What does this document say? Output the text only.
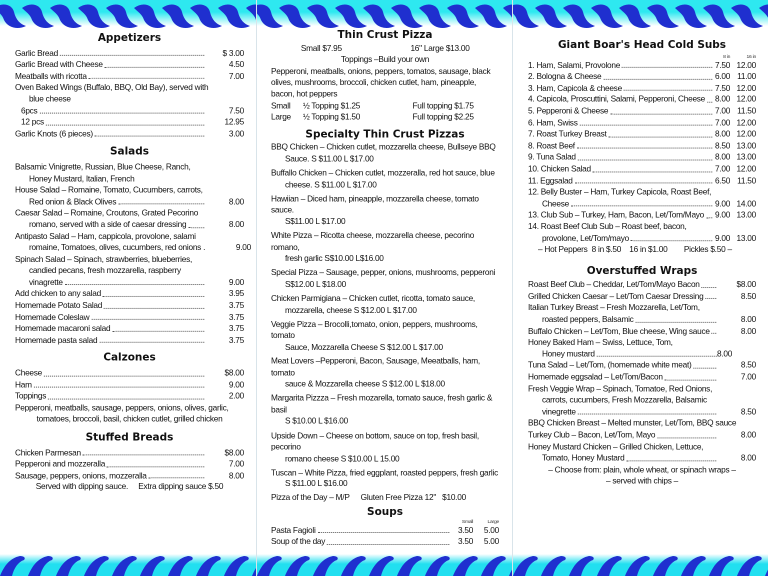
Appetizers
Garlic Bread	$ 3.00
Garlic Bread with Cheese	4.50
Meatballs with ricotta	7.00
Oven Baked Wings (Buffalo, BBQ, Old Bay), served with
blue cheese
6pcs	7.50
12 pcs	12.95
Garlic Knots (6 pieces)	3.00
Salads
Balsamic Vinigrette, Russian, Blue Cheese, Ranch,
Honey Mustard, Italian, French
House Salad – Romaine, Tomato, Cucumbers, carrots,
Red onion & Black Olives	8.00
Caesar Salad – Romaine, Croutons, Grated Pecorino
romano, served with a side of caesar dressing	8.00
Antipasto Salad – Ham, cappicola, provolone, salami
romaine, Tomatoes, olives, cucumbers, red onions .	9.00
Spinach Salad – Spinach, strawberries, blueberries,
candied pecans, fresh mozzarella, raspberry
vinagrette	9.00
Add chicken to any salad	3.95
Homemade Potato Salad	3.75
Homemade Coleslaw	3.75
Homemade macaroni salad	3.75
Homemade pasta salad	3.75
Calzones
Cheese	$8.00
Ham	9.00
Toppings	2.00
Pepperoni, meatballs, sausage, peppers, onions, olives, garlic,
tomatoes, broccoli, basil, chicken cutlet, grilled chicken
Stuffed Breads
Chicken Parmesan	$8.00
Pepperoni and mozzeralla	7.00
Sausage, peppers, onions, mozzeralla	8.00
Served with dipping sauce.     Extra dipping sauce $.50
Thin Crust Pizza
Small $7.95	16" Large $13.00
Toppings –Build your own
Pepperoni, meatballs, onions, peppers, tomatos, sausage, black olives, mushrooms, broccoli, chicken cutlet, ham, pineapple, bacon, hot peppers
Small	½ Topping $1.25	Full topping $1.75
Large	½ Topping $1.50	Full topping $2.25
Specialty Thin Crust Pizzas
BBQ Chicken – Chicken cutlet, mozzarella cheese, Bullseye BBQ
Sauce. S $11.00 L $17.00
Buffallo Chicken – Chicken cutlet, mozzeralla, red hot sauce, blue
cheese. S $11.00 L $17.00
Hawiian – Diced ham, pineapple, mozzarella cheese, tomato sauce.
S$11.00 L $17.00
White Pizza – Ricotta cheese, mozzarella cheese, pecorino romano,
fresh garlic S$10.00 L$16.00
Special Pizza – Sausage, pepper, onions, mushrooms, pepperoni
S$12.00 L $18.00
Chicken Parmigiana – Chicken cutlet, ricotta, tomato sauce,
mozzarella, cheese S $12.00 L $17.00
Veggie Pizza – Brocolli,tomato, onion, peppers, mushrooms, tomato
Sauce, Mozzarella Cheese S $12.00 L $17.00
Meat Lovers –Pepperoni, Bacon, Sausage, Meeatballs, ham, tomato
sauce & Mozzarella cheese S $12.00 L $18.00
Margarita Pizzza – Fresh mozarella, tomato sauce, fresh garlic & basil
S $10.00 L $16.00
Upside Down – Cheese on bottom, sauce on top, fresh basil, pecorino
romano cheese S $10.00 L 15.00
Tuscan – White Pizza, fried eggplant, roasted peppers, fresh garlic
S $11.00 L $16.00
Pizza of the Day – M/P	Gluten Free Pizza 12"   $10.00
Soups
Small	Large
Pasta Fagioli	3.50	5.00
Soup of the day	3.50	5.00
Giant Boar's Head Cold Subs
8 in	16 in
1. Ham, Salami, Provolone	7.50 12.00
2. Bologna & Cheese	6.00 11.00
3. Ham, Capicola & cheese	7.50 12.00
4. Capicola, Proscuttini, Salami, Pepperoni, Cheese 8.00 12.00
5. Pepperoni & Cheese	7.00 11.50
6. Ham, Swiss	7.00 12.00
7. Roast Turkey Breast	8.00 12.00
8. Roast Beef	8.50 13.00
9. Tuna Salad	8.00 13.00
10. Chicken Salad	7.00 12.00
11. Eggsalad	6.50 11.50
12. Belly Buster – Ham, Turkey Capicola, Roast Beef,
Cheese	9.00 14.00
13. Club Sub – Turkey, Ham, Bacon, Let/Tom/Mayo 9.00 13.00
14. Roast Beef Club Sub – Roast beef, bacon,
provolone, Let/Tom/mayo	9.00 13.00
– Hot Peppers  8 in $.50    16 in $1.00        Pickles $.50 –
Overstuffed Wraps
Roast Beef Club – Cheddar, Let/Tom/Mayo Bacon	$8.00
Grilled Chicken Caesar – Let/Tom Caesar Dressing	8.50
Italian Turkey Breast – Fresh Mozzarella, Let/Tom,
roasted peppers, Balsamic	8.00
Buffalo Chicken – Let/Tom, Blue cheese, Wing sauce	8.00
Honey Baked Ham – Swiss, Lettuce, Tom,
Honey mustard	8.00
Tuna Salad – Let/Tom, (homemade white meat)	8.50
Homemade eggsalad – Let/Tom/Bacon	7.00
Fresh Veggie Wrap – Spinach, Tomatoe, Red Onions,
carrots, cucumbers, Fresh Mozzarella, Balsamic
vinegrette	8.50
BBQ Chicken Breast – Melted munster, Let/Tom, BBQ sauce
Turkey Club – Bacon, Let/Tom, Mayo	8.00
Honey Mustard Chicken – Grilled Chicken, Lettuce,
Tomato, Honey Mustard	8.00
– Choose from: plain, whole wheat, or spinach wraps –
– served with chips –
